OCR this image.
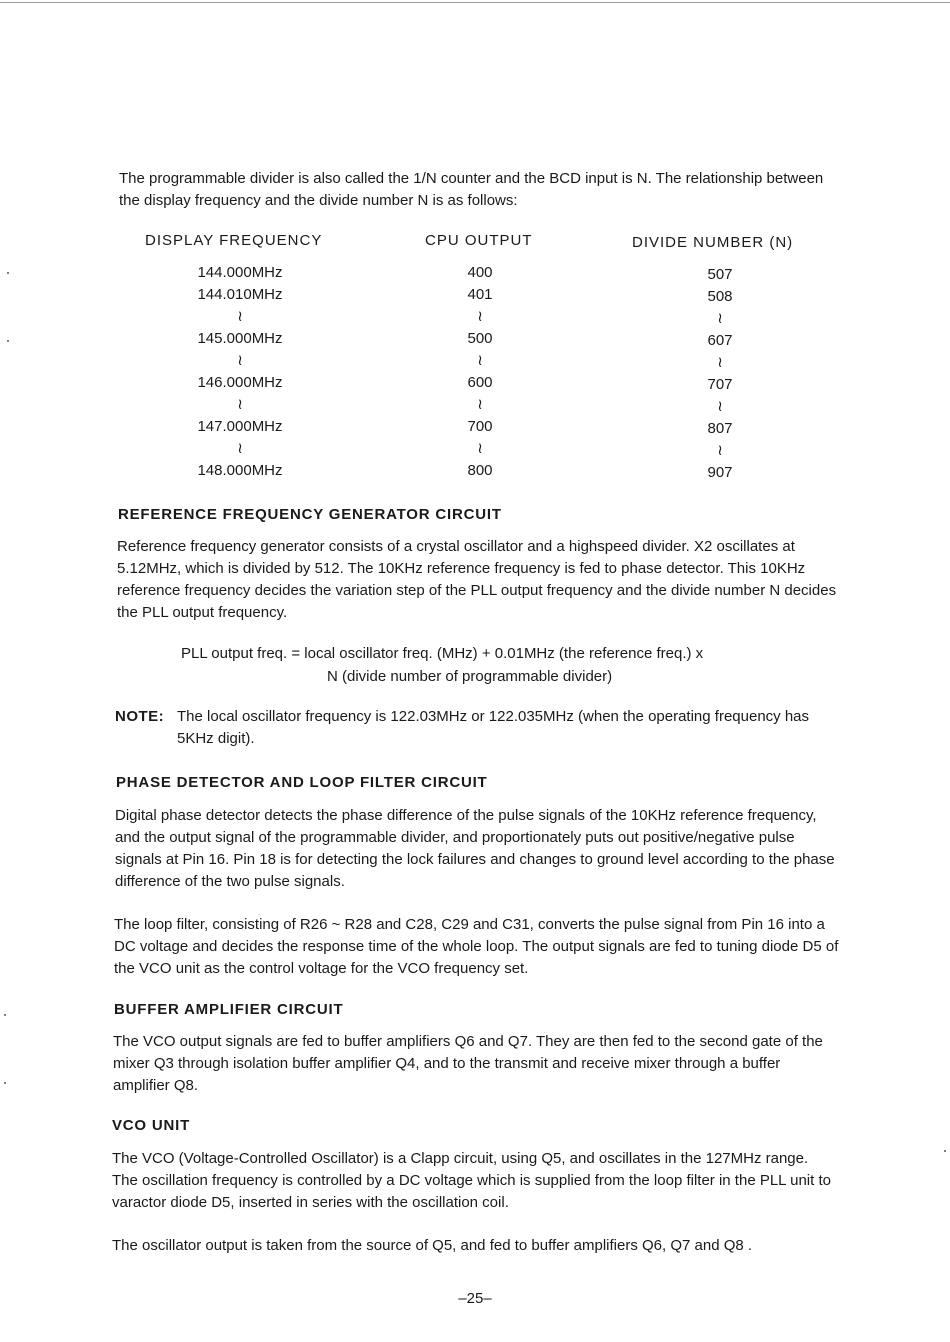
The programmable divider is also called the 1/N counter and the BCD input is N. The relationship between the display frequency and the divide number N is as follows:

DISPLAY FREQUENCY	CPU OUTPUT	DIVIDE NUMBER (N)
144.000MHz
144.010MHz
≀
145.000MHz
≀
146.000MHz
≀
147.000MHz
≀
148.000MHz
400
401
≀
500
≀
600
≀
700
≀
800
507
508
≀
607
≀
707
≀
807
≀
907
REFERENCE FREQUENCY GENERATOR CIRCUIT

Reference frequency generator consists of a crystal oscillator and a highspeed divider. X2 oscillates at 5.12MHz, which is divided by 512. The 10KHz reference frequency is fed to phase detector. This 10KHz reference frequency decides the variation step of the PLL output frequency and the divide number N decides the PLL output frequency.

PLL output freq. = local oscillator freq. (MHz) + 0.01MHz (the reference freq.) x
N (divide number of programmable divider)
NOTE: The local oscillator frequency is 122.03MHz or 122.035MHz (when the operating frequency has 5KHz digit).

PHASE DETECTOR AND LOOP FILTER CIRCUIT

Digital phase detector detects the phase difference of the pulse signals of the 10KHz reference frequency, and the output signal of the programmable divider, and proportionately puts out positive/negative pulse signals at Pin 16. Pin 18 is for detecting the lock failures and changes to ground level according to the phase difference of the two pulse signals.

The loop filter, consisting of R26 ~ R28 and C28, C29 and C31, converts the pulse signal from Pin 16 into a DC voltage and decides the response time of the whole loop. The output signals are fed to tuning diode D5 of the VCO unit as the control voltage for the VCO frequency set.

BUFFER AMPLIFIER CIRCUIT

The VCO output signals are fed to buffer amplifiers Q6 and Q7. They are then fed to the second gate of the mixer Q3 through isolation buffer amplifier Q4, and to the transmit and receive mixer through a buffer amplifier Q8.

VCO UNIT

The VCO (Voltage-Controlled Oscillator) is a Clapp circuit, using Q5, and oscillates in the 127MHz range. The oscillation frequency is controlled by a DC voltage which is supplied from the loop filter in the PLL unit to varactor diode D5, inserted in series with the oscillation coil.

The oscillator output is taken from the source of Q5, and fed to buffer amplifiers Q6, Q7 and Q8 .

–25–
